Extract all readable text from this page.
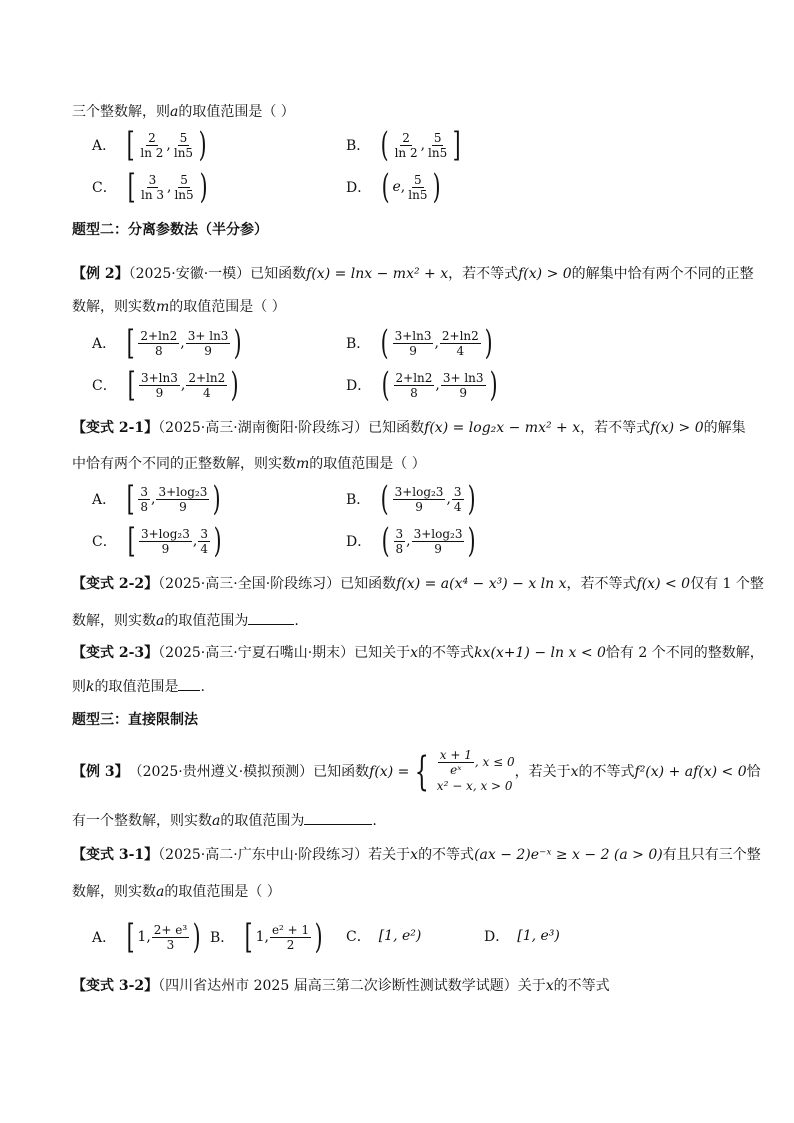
三个整数解，则a的取值范围是（ ）
A． [ $\frac{2}{\ln 2}$ , $\frac{5}{\ln 5}$ )	B． ( $\frac{2}{\ln 2}$ , $\frac{5}{\ln 5}$ ]
C． [ $\frac{3}{\ln 3}$ , $\frac{5}{\ln 5}$ )	D． ( e , $\frac{5}{\ln 5}$ )
题型二：分离参数法（半分参）
【例 2】（2025·安徽·一模）已知函数f(x) = lnx − mx² + x，若不等式f(x) > 0的解集中恰有两个不同的正整
数解，则实数m的取值范围是（ ）
A． [ $\frac{2+\ln 2}{8}$ , $\frac{3+ \ln 3}{9}$ )	B． ( $\frac{3+\ln 3}{9}$ , $\frac{2+\ln 2}{4}$ )
C． [ $\frac{3+\ln 3}{9}$ , $\frac{2+\ln 2}{4}$ )	D． ( $\frac{2+\ln 2}{8}$ , $\frac{3+ \ln 3}{9}$ )
【变式 2-1】（2025·高三·湖南衡阳·阶段练习）已知函数f(x) = log₂x − mx² + x，若不等式f(x) > 0的解集
中恰有两个不同的正整数解，则实数m的取值范围是（ ）
A． [ $\frac{3}{8}$ , $\frac{\text{3+log₂3}}{9}$ )	B． ( $\frac{\text{3+log₂3}}{9}$ , $\frac{3}{4}$ )
C． [ $\frac{\text{3+log₂3}}{9}$ , $\frac{3}{4}$ )	D． ( $\frac{3}{8}$ , $\frac{\text{3+log₂3}}{9}$ )
【变式 2-2】（2025·高三·全国·阶段练习）已知函数f(x) = a(x⁴ − x³) − x ln x，若不等式f(x) < 0仅有 1 个整
数解，则实数a的取值范围为	.
【变式 2-3】（2025·高三·宁夏石嘴山·期末）已知关于x的不等式kx(x+1) − ln x < 0恰有 2 个不同的整数解，
则k的取值范围是 .
题型三：直接限制法
【例 3】 （2025·贵州遵义·模拟预测）已知函数 f(x) = { $\frac{x + 1}{\text{eˣ}}$ , x ≤ 0
x² − x, x > 0
，若关于 x 的不等式 f²(x) + af(x) < 0 恰
有一个整数解，则实数a的取值范围为	.
【变式 3-1】（2025·高二·广东中山·阶段练习）若关于x的不等式(ax − 2)e⁻ˣ ≥ x − 2 (a > 0)有且只有三个整
数解，则实数a的取值范围是（ ）
A． [ 1 , $\frac{\text{2+ e³}}{3}$ ) B． [ 1 , $\frac{\text{e² + 1}}{2}$ ) C． [1, e²)	D． [1, e³)
【变式 3-2】（四川省达州市 2025 届高三第二次诊断性测试数学试题）关于x的不等式
